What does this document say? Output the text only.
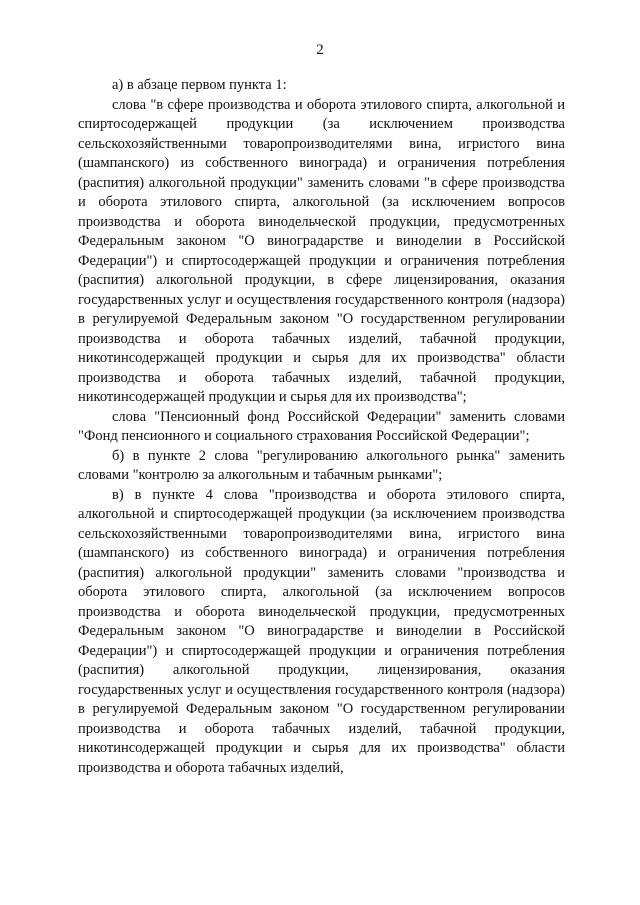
2

а) в абзаце первом пункта 1:

слова "в сфере производства и оборота этилового спирта, алкогольной и спиртосодержащей продукции (за исключением производства сельскохозяйственными товаропроизводителями вина, игристого вина (шампанского) из собственного винограда) и ограничения потребления (распития) алкогольной продукции" заменить словами "в сфере производства и оборота этилового спирта, алкогольной (за исключением вопросов производства и оборота винодельческой продукции, предусмотренных Федеральным законом "О виноградарстве и виноделии в Российской Федерации") и спиртосодержащей продукции и ограничения потребления (распития) алкогольной продукции, в сфере лицензирования, оказания государственных услуг и осуществления государственного контроля (надзора) в регулируемой Федеральным законом "О государственном регулировании производства и оборота табачных изделий, табачной продукции, никотинсодержащей продукции и сырья для их производства" области производства и оборота табачных изделий, табачной продукции, никотинсодержащей продукции и сырья для их производства";

слова "Пенсионный фонд Российской Федерации" заменить словами "Фонд пенсионного и социального страхования Российской Федерации";

б) в пункте 2 слова "регулированию алкогольного рынка" заменить словами "контролю за алкогольным и табачным рынками";

в) в пункте 4 слова "производства и оборота этилового спирта, алкогольной и спиртосодержащей продукции (за исключением производства сельскохозяйственными товаропроизводителями вина, игристого вина (шампанского) из собственного винограда) и ограничения потребления (распития) алкогольной продукции" заменить словами "производства и оборота этилового спирта, алкогольной (за исключением вопросов производства и оборота винодельческой продукции, предусмотренных Федеральным законом "О виноградарстве и виноделии в Российской Федерации") и спиртосодержащей продукции и ограничения потребления (распития) алкогольной продукции, лицензирования, оказания государственных услуг и осуществления государственного контроля (надзора) в регулируемой Федеральным законом "О государственном регулировании производства и оборота табачных изделий, табачной продукции, никотинсодержащей продукции и сырья для их производства" области производства и оборота табачных изделий,
